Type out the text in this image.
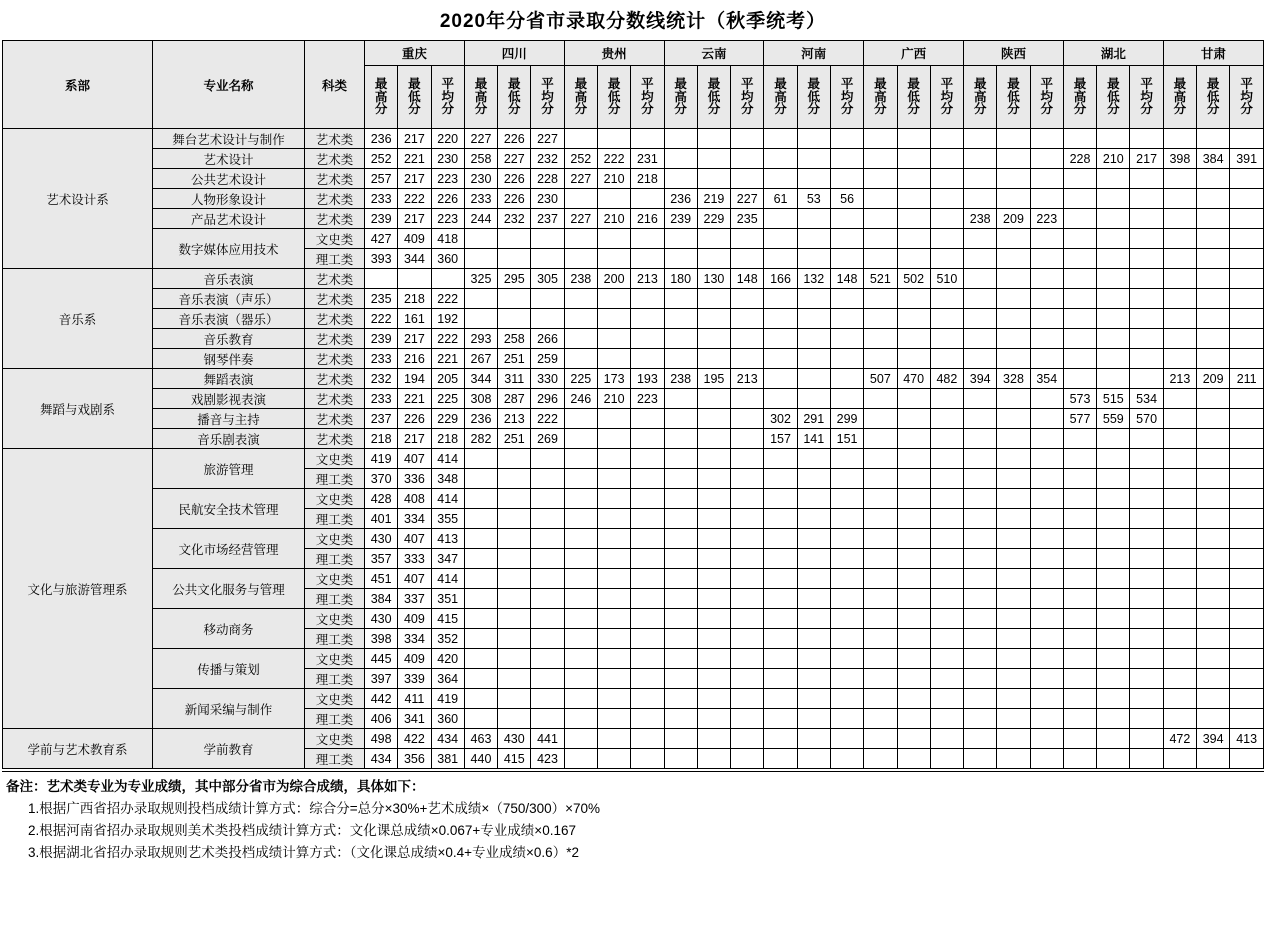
2020年分省市录取分数线统计（秋季统考）
系部	专业名称	科类	重庆			四川			贵州			云南			河南			广西			陕西			湖北			甘肃		

			最
高
分	最
低
分	平
均
分	最
高
分	最
低
分	平
均
分	最
高
分	最
低
分	平
均
分	最
高
分	最
低
分	平
均
分	最
高
分	最
低
分	平
均
分	最
高
分	最
低
分	平
均
分	最
高
分	最
低
分	平
均
分	最
高
分	最
低
分	平
均
分	最
高
分	最
低
分	平
均
分

艺术设计系	舞台艺术设计与制作	艺术类	236	217	220	227	226	227																					
	艺术设计	艺术类	252	221	230	258	227	232	252	222	231													228	210	217	398	384	391
	公共艺术设计	艺术类	257	217	223	230	226	228	227	210	218																		
	人物形象设计	艺术类	233	222	226	233	226	230				236	219	227	61	53	56												
	产品艺术设计	艺术类	239	217	223	244	232	237	227	210	216	239	229	235							238	209	223						
	数字媒体应用技术	文史类	427	409	418																								
		理工类	393	344	360																								
音乐系	音乐表演	艺术类				325	295	305	238	200	213	180	130	148	166	132	148	521	502	510									
	音乐表演（声乐）	艺术类	235	218	222																								
	音乐表演（器乐）	艺术类	222	161	192																								
	音乐教育	艺术类	239	217	222	293	258	266																					
	钢琴伴奏	艺术类	233	216	221	267	251	259																					
舞蹈与戏剧系	舞蹈表演	艺术类	232	194	205	344	311	330	225	173	193	238	195	213				507	470	482	394	328	354				213	209	211
	戏剧影视表演	艺术类	233	221	225	308	287	296	246	210	223													573	515	534			
	播音与主持	艺术类	237	226	229	236	213	222							302	291	299							577	559	570			
	音乐剧表演	艺术类	218	217	218	282	251	269							157	141	151												
文化与旅游管理系	旅游管理	文史类	419	407	414																								
		理工类	370	336	348																								
	民航安全技术管理	文史类	428	408	414																								
		理工类	401	334	355																								
	文化市场经营管理	文史类	430	407	413																								
		理工类	357	333	347																								
	公共文化服务与管理	文史类	451	407	414																								
		理工类	384	337	351																								
	移动商务	文史类	430	409	415																								
		理工类	398	334	352																								
	传播与策划	文史类	445	409	420																								
		理工类	397	339	364																								
	新闻采编与制作	文史类	442	411	419																								
		理工类	406	341	360																								
学前与艺术教育系	学前教育	文史类	498	422	434	463	430	441																			472	394	413
		理工类	434	356	381	440	415	423																					
备注：艺术类专业为专业成绩，其中部分省市为综合成绩，具体如下：
1.根据广西省招办录取规则投档成绩计算方式：综合分=总分×30%+艺术成绩×（750/300）×70%
2.根据河南省招办录取规则美术类投档成绩计算方式：文化课总成绩×0.067+专业成绩×0.167
3.根据湖北省招办录取规则艺术类投档成绩计算方式：（文化课总成绩×0.4+专业成绩×0.6）*2
